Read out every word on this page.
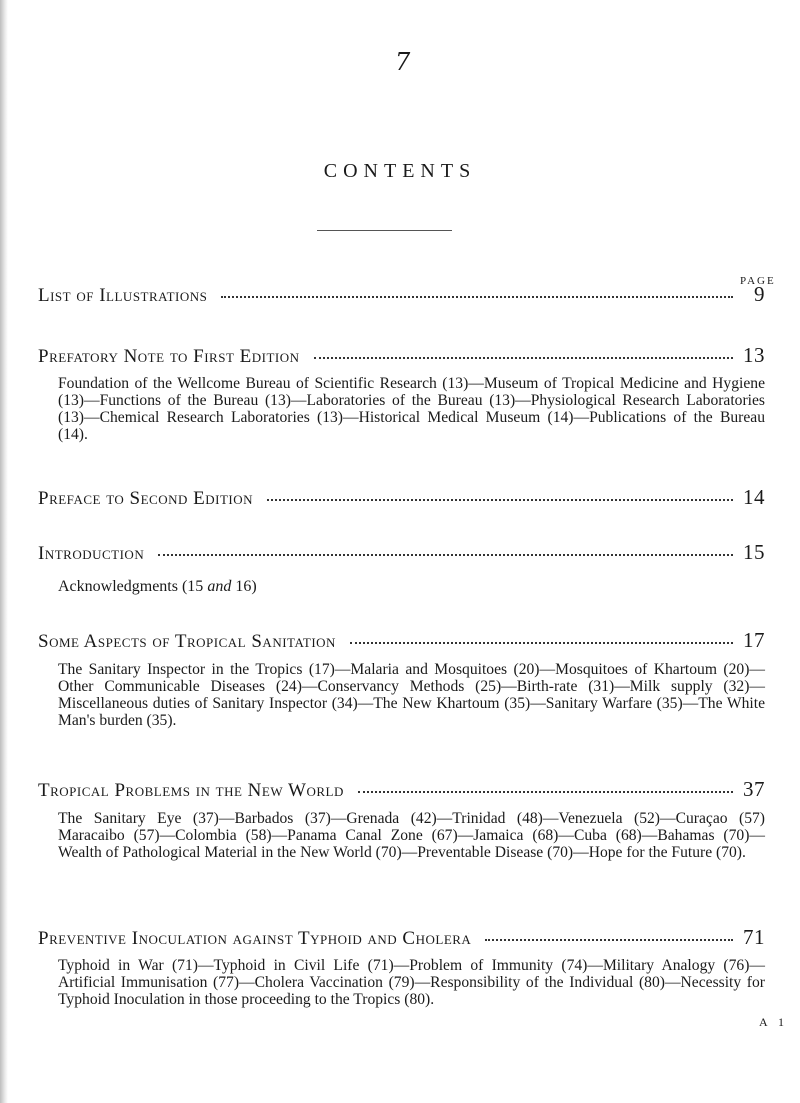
7
CONTENTS
PAGE
List of Illustrations	9
Prefatory Note to First Edition	13
Foundation of the Wellcome Bureau of Scientific Research (13)—Museum of Tropical Medicine and Hygiene (13)—Functions of the Bureau (13)—Laboratories of the Bureau (13)—Physiological Research Laboratories (13)—Chemical Research Laboratories (13)—Historical Medical Museum (14)—Publications of the Bureau (14).
Preface to Second Edition	14
Introduction	15
Acknowledgments (15 and 16)
Some Aspects of Tropical Sanitation	17
The Sanitary Inspector in the Tropics (17)—Malaria and Mosquitoes (20)—Mosquitoes of Khartoum (20)—Other Communicable Diseases (24)—Conservancy Methods (25)—Birth-rate (31)—Milk supply (32)—Miscellaneous duties of Sanitary Inspector (34)—The New Khartoum (35)—Sanitary Warfare (35)—The White Man's burden (35).
Tropical Problems in the New World	37
The Sanitary Eye (37)—Barbados (37)—Grenada (42)—Trinidad (48)—Venezuela (52)—Curaçao (57) Maracaibo (57)—Colombia (58)—Panama Canal Zone (67)—Jamaica (68)—Cuba (68)—Bahamas (70)—Wealth of Pathological Material in the New World (70)—Preventable Disease (70)—Hope for the Future (70).
Preventive Inoculation against Typhoid and Cholera	71
Typhoid in War (71)—Typhoid in Civil Life (71)—Problem of Immunity (74)—Military Analogy (76)—Artificial Immunisation (77)—Cholera Vaccination (79)—Responsibility of the Individual (80)—Necessity for Typhoid Inoculation in those proceeding to the Tropics (80).
A 1
